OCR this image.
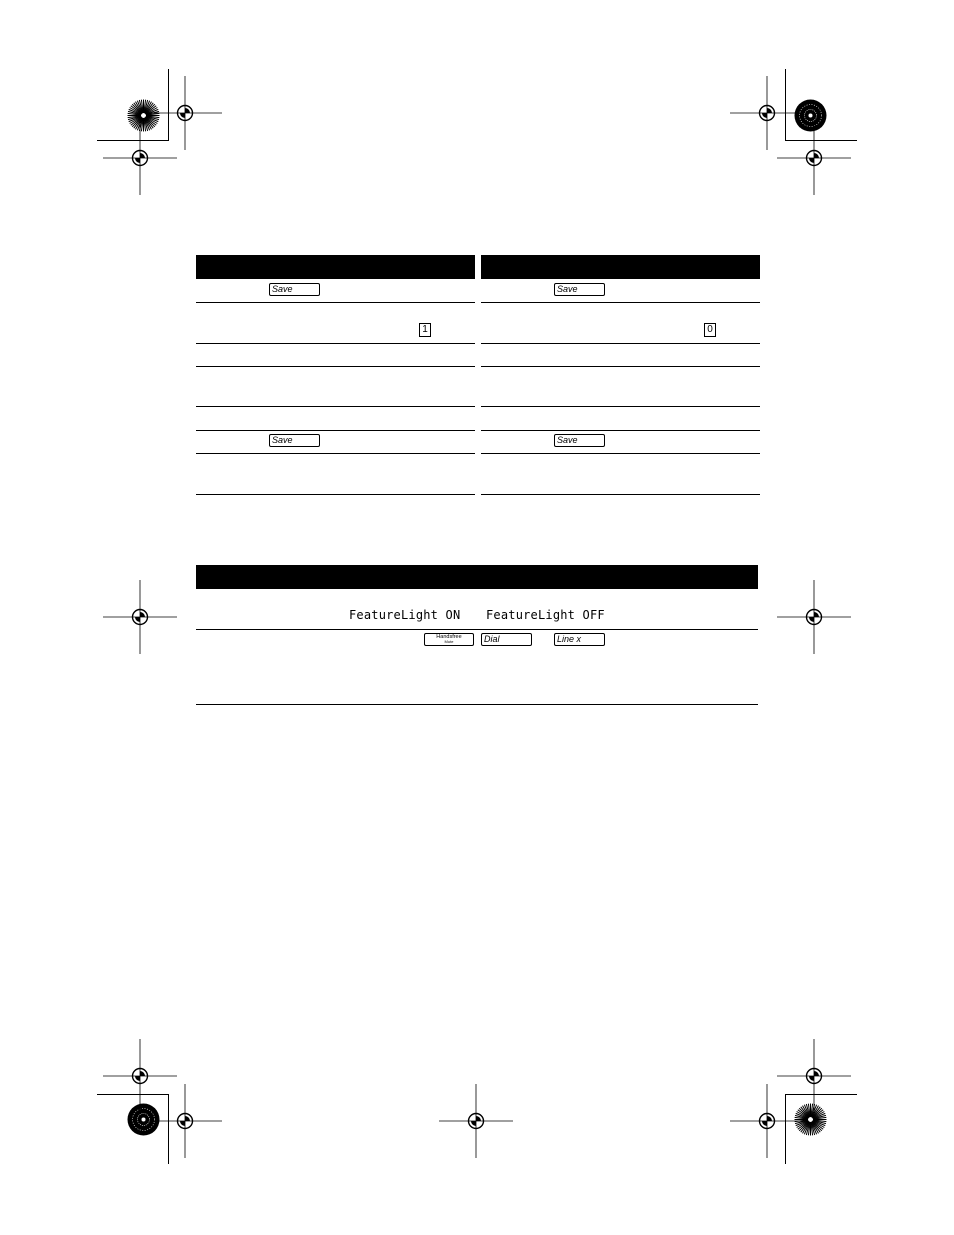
Save
1
Save
Save
0
Save
FeatureLight ON FeatureLight OFF
Handsfree
Mute	Dial	Line x
